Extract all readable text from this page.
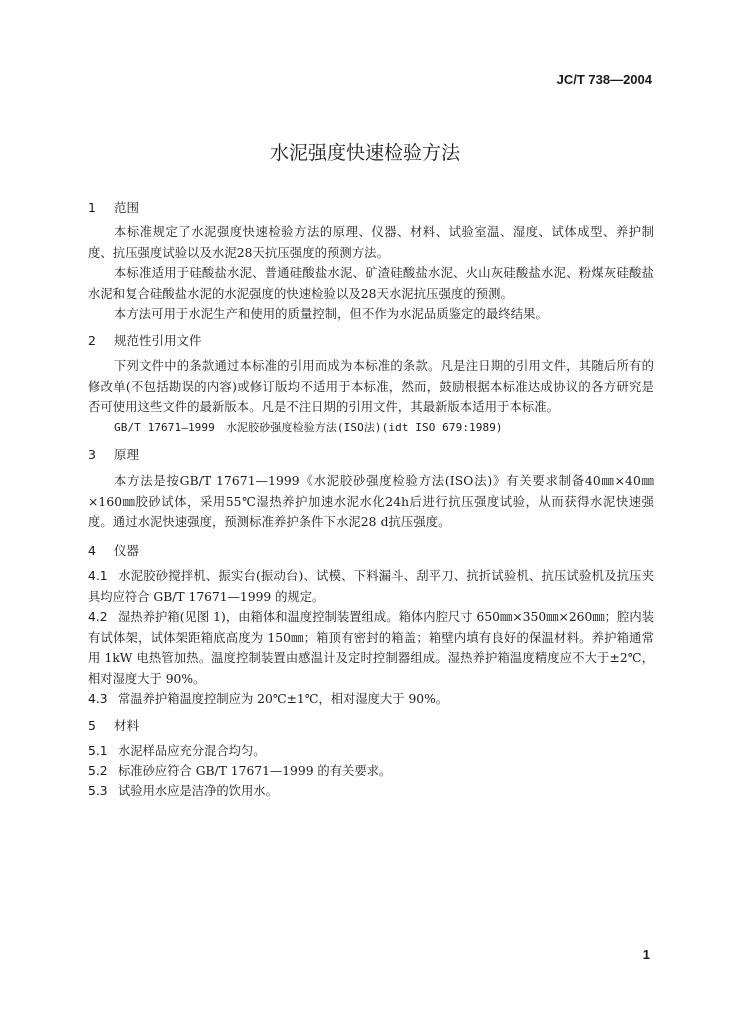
JC/T 738—2004
水泥强度快速检验方法
1 范围
本标准规定了水泥强度快速检验方法的原理、仪器、材料、试验室温、湿度、试体成型、养护制度、抗压强度试验以及水泥28天抗压强度的预测方法。
本标准适用于硅酸盐水泥、普通硅酸盐水泥、矿渣硅酸盐水泥、火山灰硅酸盐水泥、粉煤灰硅酸盐水泥和复合硅酸盐水泥的水泥强度的快速检验以及28天水泥抗压强度的预测。
本方法可用于水泥生产和使用的质量控制，但不作为水泥品质鉴定的最终结果。
2 规范性引用文件
下列文件中的条款通过本标准的引用而成为本标准的条款。凡是注日期的引用文件，其随后所有的修改单(不包括勘误的内容)或修订版均不适用于本标准，然而，鼓励根据本标准达成协议的各方研究是否可使用这些文件的最新版本。凡是不注日期的引用文件，其最新版本适用于本标准。
GB/T 17671—1999　水泥胶砂强度检验方法(ISO法)(idt ISO 679:1989)
3 原理
本方法是按GB/T 17671—1999《水泥胶砂强度检验方法(ISO法)》有关要求制备40㎜×40㎜×160㎜胶砂试体，采用55℃湿热养护加速水泥水化24h后进行抗压强度试验，从而获得水泥快速强度。通过水泥快速强度，预测标准养护条件下水泥28 d抗压强度。
4 仪器
4.1 水泥胶砂搅拌机、振实台(振动台)、试模、下料漏斗、刮平刀、抗折试验机、抗压试验机及抗压夹具均应符合 GB/T 17671—1999 的规定。
4.2 湿热养护箱(见图 1)，由箱体和温度控制装置组成。箱体内腔尺寸 650㎜×350㎜×260㎜；腔内装有试体架，试体架距箱底高度为 150㎜；箱顶有密封的箱盖；箱壁内填有良好的保温材料。养护箱通常用 1kW 电热管加热。温度控制装置由感温计及定时控制器组成。湿热养护箱温度精度应不大于±2℃，相对湿度大于 90%。
4.3 常温养护箱温度控制应为 20℃±1℃，相对湿度大于 90%。
5 材料
5.1 水泥样品应充分混合均匀。
5.2 标准砂应符合 GB/T 17671—1999 的有关要求。
5.3 试验用水应是洁净的饮用水。
1
